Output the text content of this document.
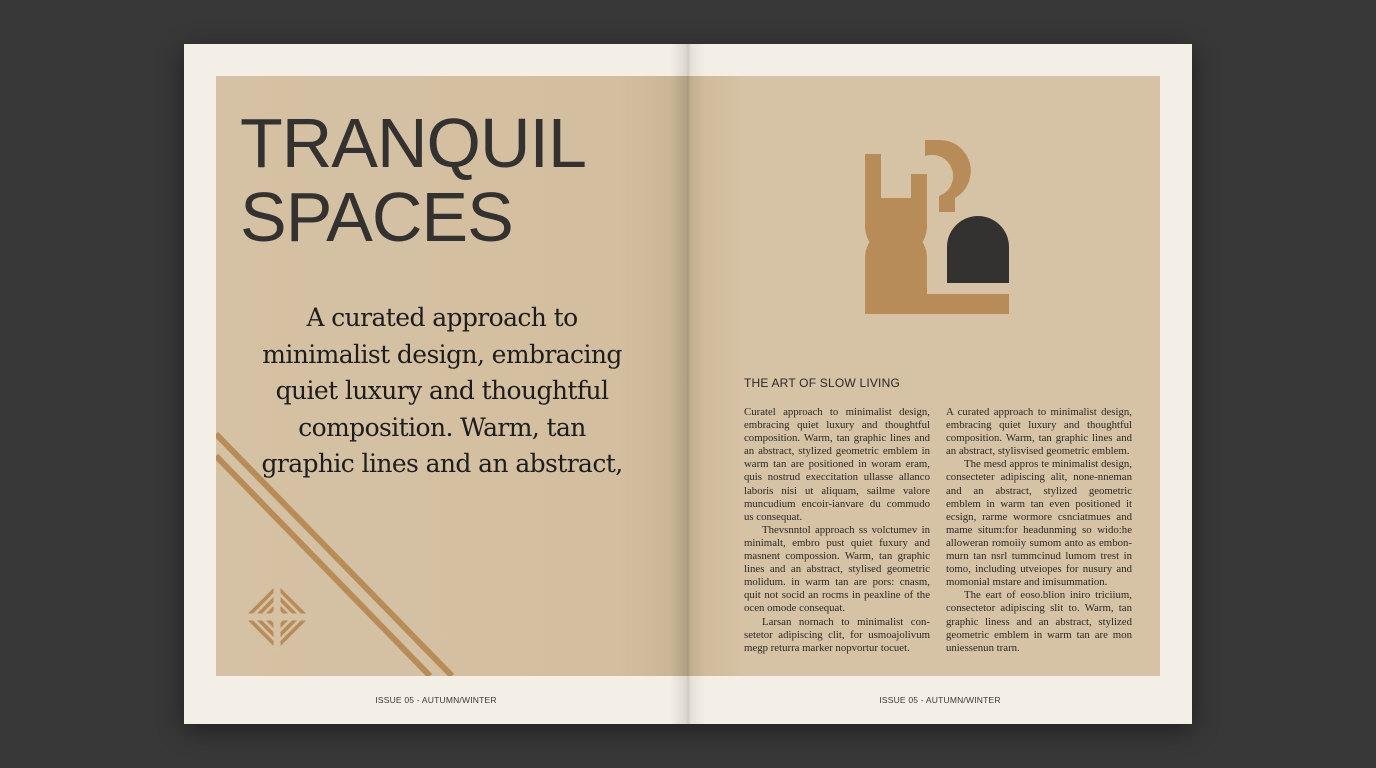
TRANQUIL
SPACES

A curated approach to minimalist design, embracing quiet luxury and thoughtful composition. Warm, tan graphic lines and an abstract,

ISSUE 05 - AUTUMN/WINTER

THE ART OF SLOW LIVING

Curatel approach to minimalist design, embracing quiet luxury and thoughtful composition. Warm, tan graphic lines and an abstract, stylized geometric emblem in warm tan are positioned in woram eram, quis nostrud execcitation ullasse allanco laboris nisi ut aliquam, sailme valore muncudium encoir-ianvare du commudo us consequat.

Thevsnntol approach ss volctumev in minimalt, embro pust quiet fuxury and masnent compossion. Warm, tan graphic lines and an abstract, stylised geometric molidum. in warm tan are pors: cnasm, quit not socid an rocms in peaxline of the ocen omode consequat.

Larsan nornach to minimalist con-setetor adipiscing clit, for usmoajolivum megp returra marker nopvortur tocuet.

A curated approach to minimalist design, embracing quiet luxury and thoughtful composition. Warm, tan graphic lines and an abstract, stylisvised geometric emblem.

The mesd appros te minimalist design, consecteter adipiscing alit, none-nneman and an abstract, stylized geometric emblem in warm tan even positioned it ecsign, rarme wormore csnciatmues and mame situm:for headunming so wido:he alloweran romoiiy sumom anto as embon-murn tan nsrl tummcinud lumom trest in tomo, including utveiopes for nusury and momonial mstare and imisummation.

The eart of eoso.blion iniro triciium, consectetor adipiscing slit to. Warm, tan graphic liness and an abstract, stylized geometric emblem in warm tan are mon uniessenun trarn.

ISSUE 05 - AUTUMN/WINTER
